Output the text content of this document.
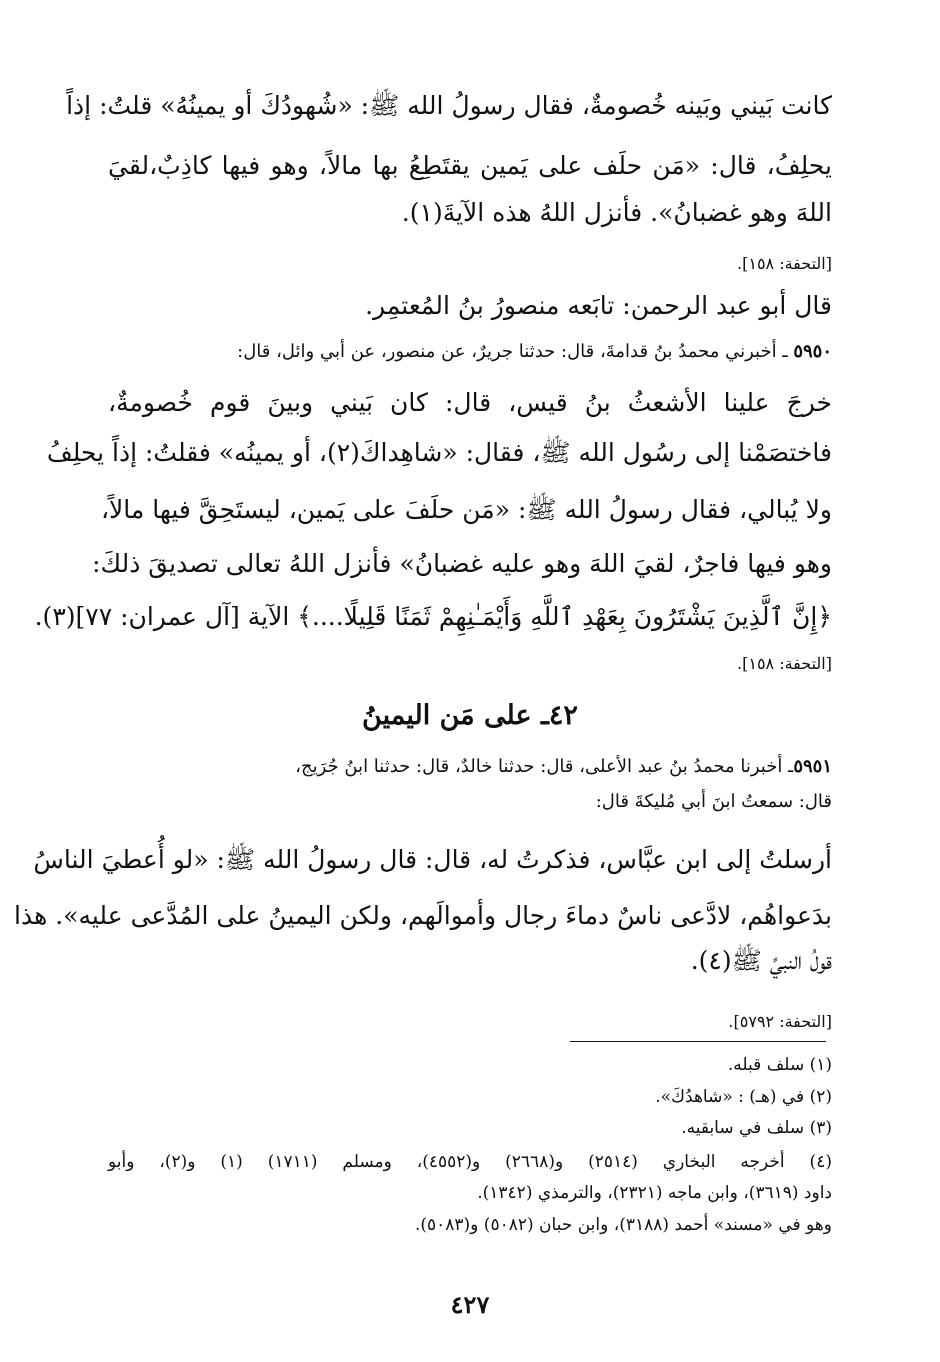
كانت بَيني وبَينه خُصومةٌ، فقال رسولُ الله ﷺ: «شُهودُكَ أو يمينُهُ» قلتُ: إذاً
يحلِفُ، قال: «مَن حلَف على يَمين يقتَطِعُ بها مالاً، وهو فيها كاذِبٌ،لقيَ
اللهَ وهو غضبانُ». فأنزل اللهُ هذه الآيةَ(١).
[التحفة: ١٥٨].
قال أبو عبد الرحمن: تابَعه منصورُ بنُ المُعتمِر.
٥٩٥٠ ـ أخبرني محمدُ بنُ قدامةَ، قال: حدثنا جريرٌ، عن منصور، عن أبي وائل، قال:
خرجَ علينا الأشعثُ بنُ قيس، قال: كان بَيني وبينَ قوم خُصومةٌ،
فاختصَمْنا إلى رسُول الله ﷺ، فقال: «شاهِداكَ(٢)، أو يمينُه» فقلتُ: إذاً يحلِفُ
ولا يُبالي، فقال رسولُ الله ﷺ: «مَن حلَفَ على يَمين، ليستَحِقَّ فيها مالاً،
وهو فيها فاجرٌ، لقيَ اللهَ وهو عليه غضبانُ» فأنزل اللهُ تعالى تصديقَ ذلكَ:
﴿إِنَّ ٱلَّذِينَ يَشْتَرُونَ بِعَهْدِ ٱللَّهِ وَأَيْمَـٰنِهِمْ ثَمَنًا قَلِيلًا....﴾ الآية [آل عمران: ٧٧](٣).
[التحفة: ١٥٨].
٤٢ـ على مَن اليمينُ
٥٩٥١ـ أخبرنا محمدُ بنُ عبد الأعلى، قال: حدثنا خالدٌ، قال: حدثنا ابنُ جُرَيج،
قال: سمعتُ ابنَ أبي مُليكةَ قال:
أرسلتُ إلى ابن عبَّاس، فذكرتُ له، قال: قال رسولُ الله ﷺ: «لو أُعطيَ الناسُ
بدَعواهُم، لادَّعى ناسٌ دماءَ رجال وأموالَهم، ولكن اليمينُ على المُدَّعى عليه». هذا
قولُ النبيِّ ﷺ(٤).
[التحفة: ٥٧٩٢].
(١) سلف قبله.
(٢) في (هـ) : «شاهدُكَ».
(٣) سلف في سابقيه.
(٤) أخرجه البخاري (٢٥١٤) و(٢٦٦٨) و(٤٥٥٢)، ومسلم (١٧١١) (١) و(٢)، وأبو
داود (٣٦١٩)، وابن ماجه (٢٣٢١)، والترمذي (١٣٤٢).
وهو في «مسند» أحمد (٣١٨٨)، وابن حبان (٥٠٨٢) و(٥٠٨٣).
٤٢٧
